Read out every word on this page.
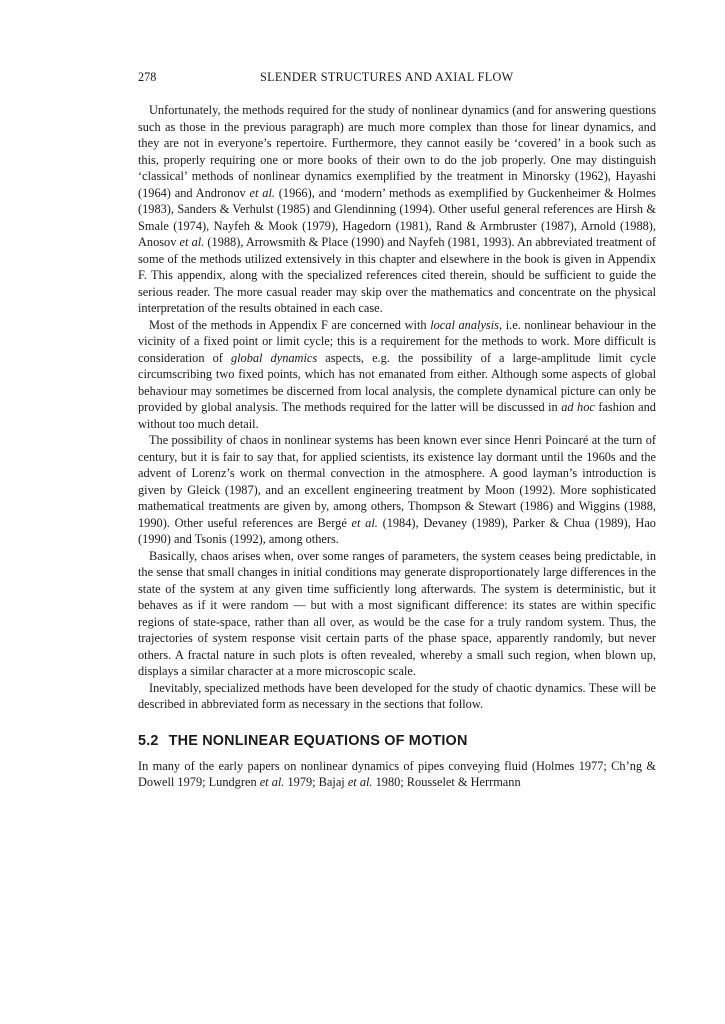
278	SLENDER STRUCTURES AND AXIAL FLOW

Unfortunately, the methods required for the study of nonlinear dynamics (and for answering questions such as those in the previous paragraph) are much more complex than those for linear dynamics, and they are not in everyone’s repertoire. Furthermore, they cannot easily be ‘covered’ in a book such as this, properly requiring one or more books of their own to do the job properly. One may distinguish ‘classical’ methods of nonlinear dynamics exemplified by the treatment in Minorsky (1962), Hayashi (1964) and Andronov et al. (1966), and ‘modern’ methods as exemplified by Guckenheimer & Holmes (1983), Sanders & Verhulst (1985) and Glendinning (1994). Other useful general references are Hirsh & Smale (1974), Nayfeh & Mook (1979), Hagedorn (1981), Rand & Armbruster (1987), Arnold (1988), Anosov et al. (1988), Arrowsmith & Place (1990) and Nayfeh (1981, 1993). An abbreviated treatment of some of the methods utilized extensively in this chapter and elsewhere in the book is given in Appendix F. This appendix, along with the specialized references cited therein, should be sufficient to guide the serious reader. The more casual reader may skip over the mathematics and concentrate on the physical interpretation of the results obtained in each case.

Most of the methods in Appendix F are concerned with local analysis, i.e. nonlinear behaviour in the vicinity of a fixed point or limit cycle; this is a requirement for the methods to work. More difficult is consideration of global dynamics aspects, e.g. the possibility of a large-amplitude limit cycle circumscribing two fixed points, which has not emanated from either. Although some aspects of global behaviour may sometimes be discerned from local analysis, the complete dynamical picture can only be provided by global analysis. The methods required for the latter will be discussed in ad hoc fashion and without too much detail.

The possibility of chaos in nonlinear systems has been known ever since Henri Poincaré at the turn of century, but it is fair to say that, for applied scientists, its existence lay dormant until the 1960s and the advent of Lorenz’s work on thermal convection in the atmosphere. A good layman’s introduction is given by Gleick (1987), and an excellent engineering treatment by Moon (1992). More sophisticated mathematical treatments are given by, among others, Thompson & Stewart (1986) and Wiggins (1988, 1990). Other useful references are Bergé et al. (1984), Devaney (1989), Parker & Chua (1989), Hao (1990) and Tsonis (1992), among others.

Basically, chaos arises when, over some ranges of parameters, the system ceases being predictable, in the sense that small changes in initial conditions may generate disproportionately large differences in the state of the system at any given time sufficiently long afterwards. The system is deterministic, but it behaves as if it were random — but with a most significant difference: its states are within specific regions of state-space, rather than all over, as would be the case for a truly random system. Thus, the trajectories of system response visit certain parts of the phase space, apparently randomly, but never others. A fractal nature in such plots is often revealed, whereby a small such region, when blown up, displays a similar character at a more microscopic scale.

Inevitably, specialized methods have been developed for the study of chaotic dynamics. These will be described in abbreviated form as necessary in the sections that follow.

5.2 THE NONLINEAR EQUATIONS OF MOTION

In many of the early papers on nonlinear dynamics of pipes conveying fluid (Holmes 1977; Ch’ng & Dowell 1979; Lundgren et al. 1979; Bajaj et al. 1980; Rousselet & Herrmann
